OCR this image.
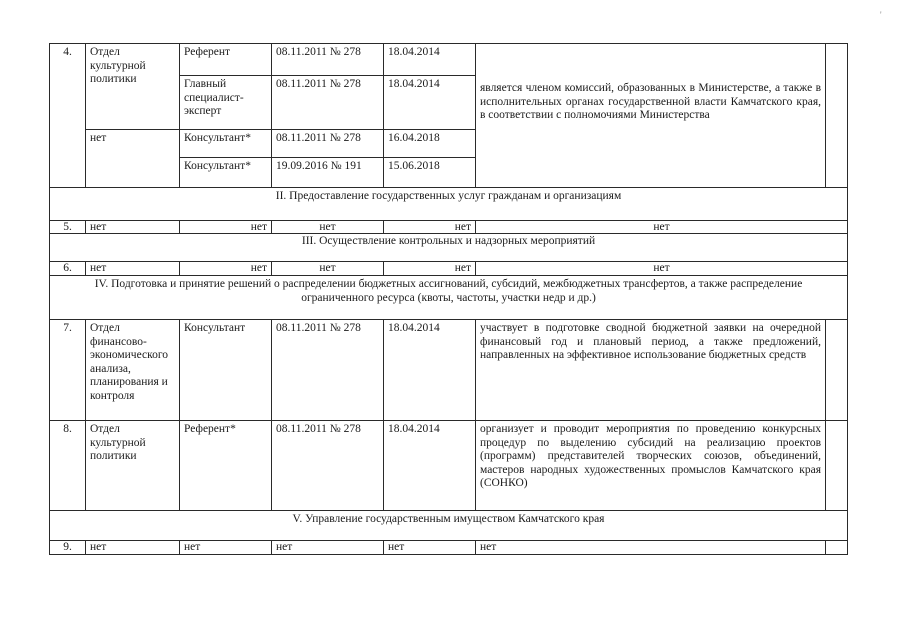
'
4.	Отдел культурной политики	Референт	08.11.2011 № 278	18.04.2014	является членом комиссий, образованных в Министерстве, а также в исполнительных органах государственной власти Камчатского края, в соответствии с полномочиями Министерства	
		Главный специалист-эксперт	08.11.2011 № 278	18.04.2014		
	нет	Консультант*	08.11.2011 № 278	16.04.2018		
		Консультант*	19.09.2016 № 191	15.06.2018		
II. Предоставление государственных услуг гражданам и организациям						
5.	нет	нет	нет	нет	нет	
III. Осуществление контрольных и надзорных мероприятий						
6.	нет	нет	нет	нет	нет	
IV. Подготовка и принятие решений о распределении бюджетных ассигнований, субсидий, межбюджетных трансфертов, а также распределение ограниченного ресурса (квоты, частоты, участки недр и др.)						
7.	Отдел финансово-экономического анализа, планирования и контроля	Консультант	08.11.2011 № 278	18.04.2014	участвует в подготовке сводной бюджетной заявки на очередной финансовый год и плановый период, а также предложений, направленных на эффективное использование бюджетных средств	
8.	Отдел культурной политики	Референт*	08.11.2011 № 278	18.04.2014	организует и проводит мероприятия по проведению конкурсных процедур по выделению субсидий на реализацию проектов (программ) представителей творческих союзов, объединений, мастеров народных художественных промыслов Камчатского края (СОНКО)	
V. Управление государственным имуществом Камчатского края						
9.	нет	нет	нет	нет	нет	
